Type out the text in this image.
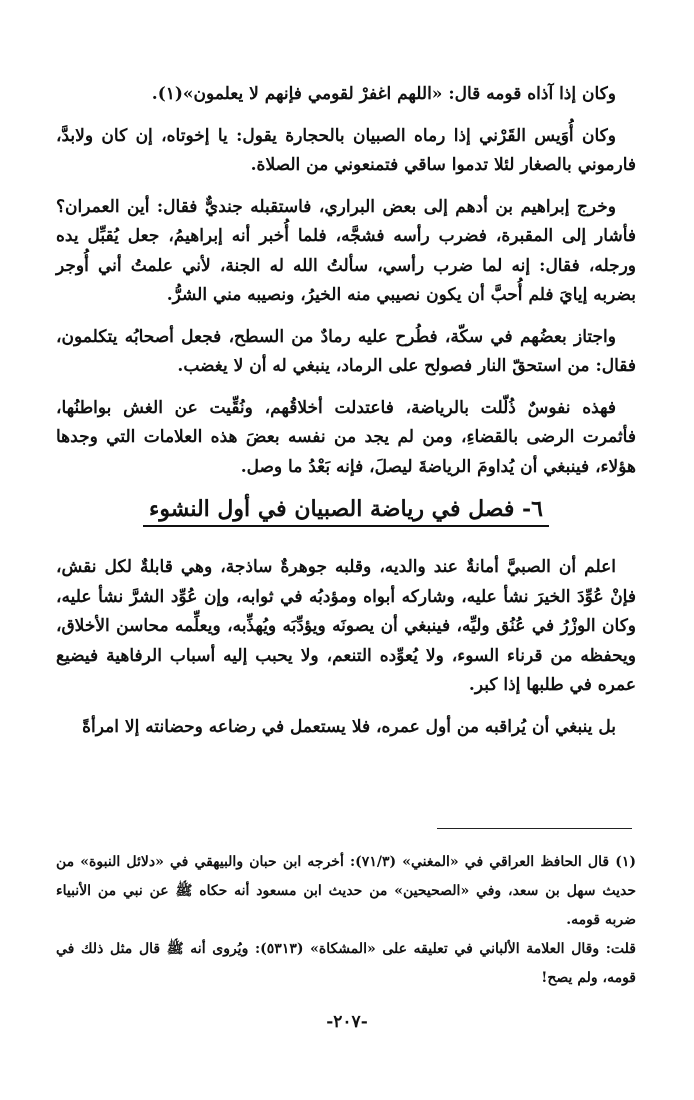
وكان إذا آذاه قومه قال: «اللهم اغفرْ لقومي فإنهم لا يعلمون»(١).

وكان أُوَيس القَرْني إذا رماه الصبيان بالحجارة يقول: يا إخوتاه، إن كان ولابدَّ، فارموني بالصغار لئلا تدموا ساقي فتمنعوني من الصلاة.

وخرج إبراهيم بن أدهم إلى بعض البراري، فاستقبله جنديٌّ فقال: أين العمران؟ فأشار إلى المقبرة، فضرب رأسه فشجَّه، فلما أُخبر أنه إبراهيمُ، جعل يُقبِّل يده ورجله، فقال: إنه لما ضرب رأسي، سألتُ الله له الجنة، لأني علمتُ أني أُوجر بضربه إيايَ فلم أُحبَّ أن يكون نصيبي منه الخيرُ، ونصيبه مني الشرُّ.

واجتاز بعضُهم في سكّة، فطُرح عليه رمادٌ من السطح، فجعل أصحابُه يتكلمون، فقال: من استحقّ النار فصولح على الرماد، ينبغي له أن لا يغضب.

فهذه نفوسٌ ذُلّلت بالرياضة، فاعتدلت أخلاقُهم، ونُقِّيت عن الغش بواطنُها، فأثمرت الرضى بالقضاءِ، ومن لم يجد من نفسه بعضَ هذه العلامات التي وجدها هؤلاء، فينبغي أن يُداومَ الرياضةَ ليصلَ، فإنه بَعْدُ ما وصل.

٦- فصل في رياضة الصبيان في أول النشوء

اعلم أن الصبيَّ أمانةٌ عند والديه، وقلبه جوهرةٌ ساذجة، وهي قابلةٌ لكل نقش، فإنْ عُوِّدَ الخيرَ نشأ عليه، وشاركه أبواه ومؤدبُه في ثوابه، وإن عُوِّد الشرَّ نشأ عليه، وكان الوزْرُ في عُنُق وليِّه، فينبغي أن يصونَه ويؤدِّبَه ويُهذِّبه، ويعلِّمه محاسن الأخلاق، ويحفظه من قرناء السوء، ولا يُعوِّده التنعم، ولا يحبب إليه أسباب الرفاهية فيضيع عمره في طلبها إذا كبر.

بل ينبغي أن يُراقبه من أول عمره، فلا يستعمل في رضاعه وحضانته إلا امرأةً

(١) قال الحافظ العراقي في «المغني» (٧١/٣): أخرجه ابن حبان والبيهقي في «دلائل النبوة» من حديث سهل بن سعد، وفي «الصحيحين» من حديث ابن مسعود أنه حكاه ﷺ عن نبي من الأنبياء ضربه قومه.

قلت: وقال العلامة الألباني في تعليقه على «المشكاة» (٥٣١٣): ويُروى أنه ﷺ قال مثل ذلك في قومه، ولم يصح!

-٢٠٧-
